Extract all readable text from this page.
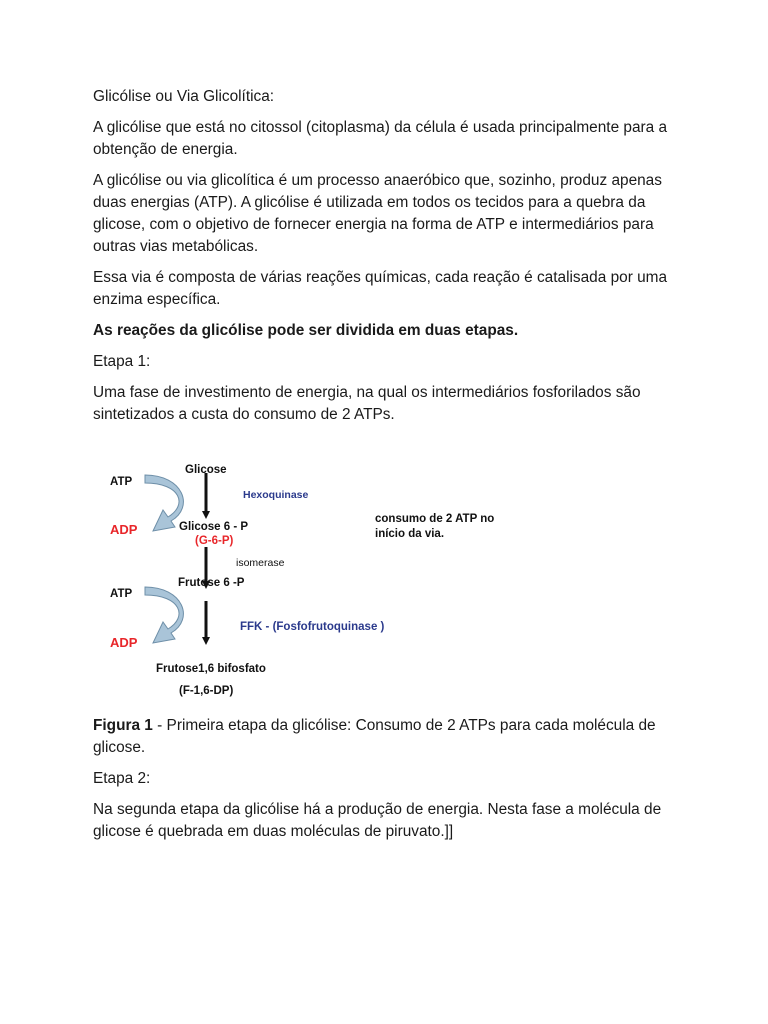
Glicólise ou Via Glicolítica:

A glicólise que está no citossol (citoplasma) da célula é usada principalmente para a obtenção de energia.

A glicólise ou via glicolítica é um processo anaeróbico que, sozinho, produz apenas duas energias (ATP). A glicólise é utilizada em todos os tecidos para a quebra da glicose, com o objetivo de fornecer energia na forma de ATP e intermediários para outras vias metabólicas.

Essa via é composta de várias reações químicas, cada reação é catalisada por uma enzima específica.

As reações da glicólise pode ser dividida em duas etapas.

Etapa 1:

Uma fase de investimento de energia, na qual os intermediários fosforilados são sintetizados a custa do consumo de 2 ATPs.

ATP
ADP
Glicose
Hexoquinase
Glicose 6 - P
(G-6-P)
isomerase
consumo de 2 ATP no
início da via.
Frutose 6 -P
ATP
ADP
FFK - (Fosfofrutoquinase )
Frutose1,6 bifosfato
(F-1,6-DP)

Figura 1 - Primeira etapa da glicólise: Consumo de 2 ATPs para cada molécula de glicose.

Etapa 2:

Na segunda etapa da glicólise há a produção de energia. Nesta fase a molécula de glicose é quebrada em duas moléculas de piruvato.]]
